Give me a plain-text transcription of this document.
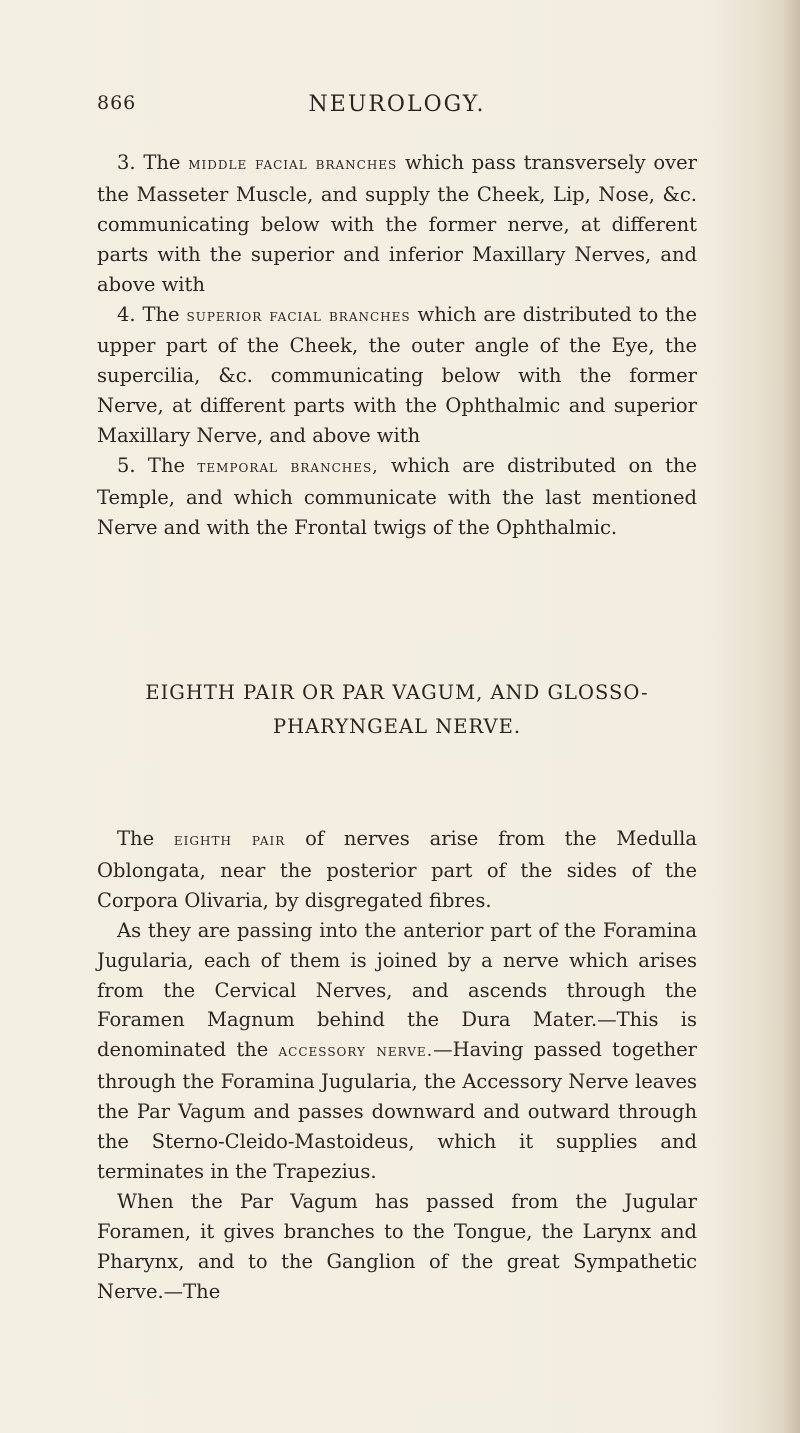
NEUROLOGY.
866

3. The middle facial branches which pass transversely over the Masseter Muscle, and supply the Cheek, Lip, Nose, &c. communicating below with the former nerve, at different parts with the superior and inferior Maxillary Nerves, and above with

4. The superior facial branches which are distributed to the upper part of the Cheek, the outer angle of the Eye, the supercilia, &c. communicating below with the former Nerve, at different parts with the Ophthalmic and superior Maxillary Nerve, and above with

5. The temporal branches, which are distributed on the Temple, and which communicate with the last mentioned Nerve and with the Frontal twigs of the Ophthalmic.

EIGHTH PAIR OR PAR VAGUM, AND GLOSSO-
PHARYNGEAL NERVE.

The eighth pair of nerves arise from the Medulla Oblongata, near the posterior part of the sides of the Corpora Olivaria, by disgregated fibres.

As they are passing into the anterior part of the Foramina Jugularia, each of them is joined by a nerve which arises from the Cervical Nerves, and ascends through the Foramen Magnum behind the Dura Mater.—This is denominated the accessory nerve.—Having passed together through the Foramina Jugularia, the Accessory Nerve leaves the Par Vagum and passes downward and outward through the Sterno-Cleido-Mastoideus, which it supplies and terminates in the Trapezius.

When the Par Vagum has passed from the Jugular Foramen, it gives branches to the Tongue, the Larynx and Pharynx, and to the Ganglion of the great Sympathetic Nerve.—The
